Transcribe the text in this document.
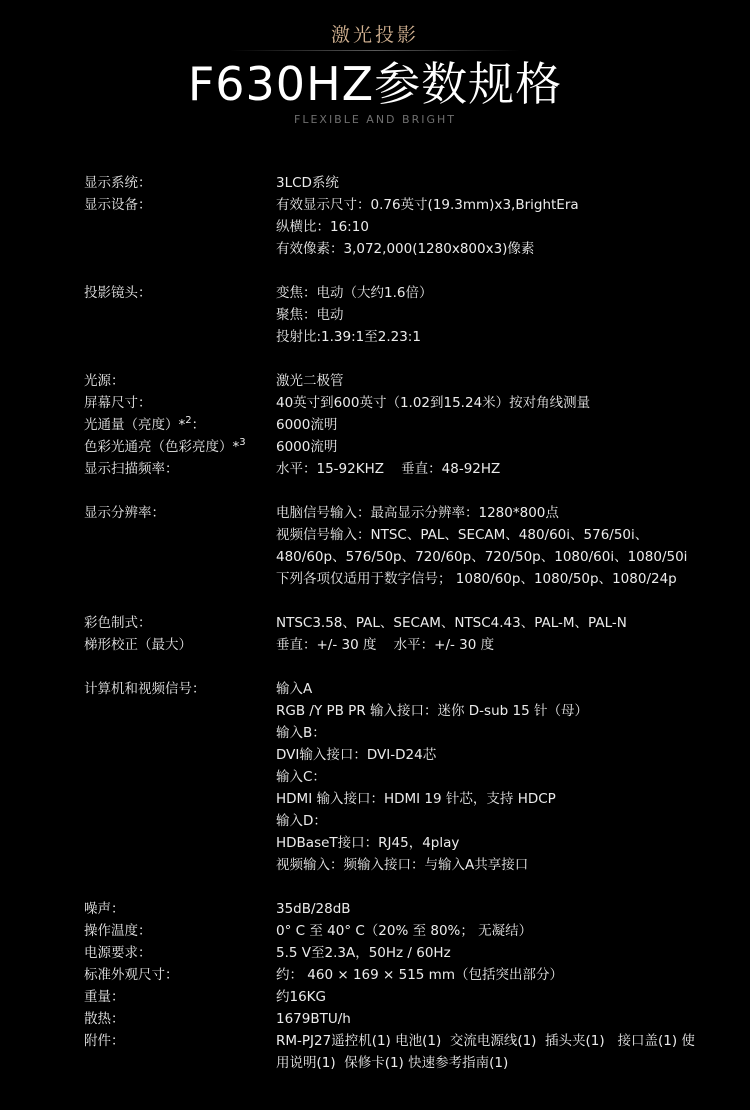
激光投影
F630HZ参数规格
FLEXIBLE AND BRIGHT
显示系统：	3LCD系统
显示设备：	有效显示尺寸：0.76英寸(19.3mm)x3,BrightEra
纵横比：16:10
有效像素：3,072,000(1280x800x3)像素
投影镜头：	变焦：电动（大约1.6倍）
聚焦：电动
投射比:1.39:1至2.23:1
光源：	激光二极管
屏幕尺寸：	40英寸到600英寸（1.02到15.24米）按对角线测量
光通量（亮度）*$^2$：	6000流明
色彩光通亮（色彩亮度）*$^3$ 6000流明
显示扫描频率：	水平：15-92KHZ    垂直：48-92HZ
显示分辨率：	电脑信号输入：最高显示分辨率：1280*800点
视频信号输入：NTSC、PAL、SECAM、480/60i、576/50i、
480/60p、576/50p、720/60p、720/50p、1080/60i、1080/50i
下列各项仅适用于数字信号； 1080/60p、1080/50p、1080/24p
彩色制式：	NTSC3.58、PAL、SECAM、NTSC4.43、PAL-M、PAL-N
梯形校正（最大）	垂直：+/- 30 度    水平：+/- 30 度
计算机和视频信号：	输入A
RGB /Y PB PR 输入接口：迷你 D-sub 15 针（母）
输入B：
DVI输入接口：DVI-D24芯
输入C：
HDMI 输入接口：HDMI 19 针芯，支持 HDCP
输入D：
HDBaseT接口：RJ45，4play
视频输入：频输入接口：与输入A共享接口
噪声：	35dB/28dB
操作温度：	0° C 至 40° C（20% 至 80%； 无凝结）
电源要求：	5.5 V至2.3A，50Hz / 60Hz
标准外观尺寸：	约： 460 × 169 × 515 mm（包括突出部分）
重量：	约16KG
散热：	1679BTU/h
附件：	RM-PJ27遥控机(1) 电池(1)  交流电源线(1)  插头夹(1)   接口盖(1) 使
用说明(1)  保修卡(1) 快速参考指南(1)
